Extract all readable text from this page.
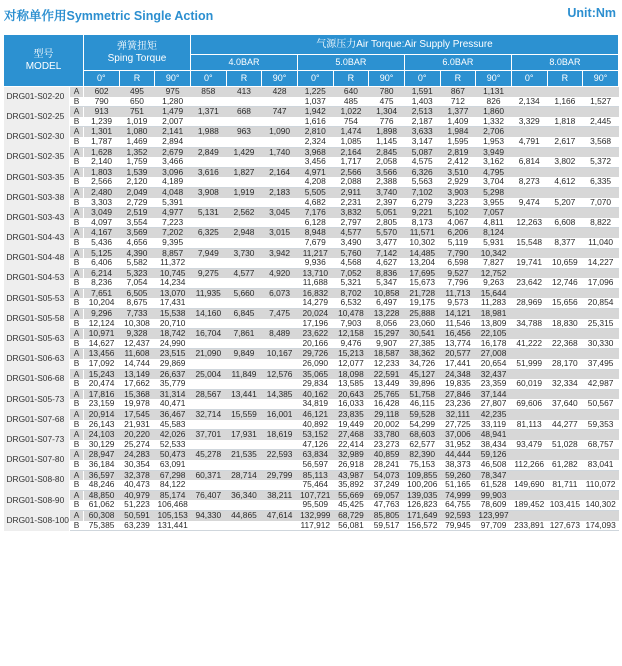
对称单作用Symmetric Single Action	Unit:Nm
型号
MODEL		弹簧扭矩
Sping Torque			气源压力Air Torque:Air Supply Pressure											
					4.0BAR			5.0BAR			6.0BAR			8.0BAR		
		0°	R	90°	0°	R	90°	0°	R	90°	0°	R	90°	0°	R	90°
DRG01-S02-20	A	602	495	975	858	413	428	1,225	640	780	1,591	867	1,131			
	B	790	650	1,280				1,037	485	475	1,403	712	826	2,134	1,166	1,527
DRG01-S02-25	A	913	751	1,479	1,371	668	747	1,942	1,022	1,304	2,513	1,377	1,860			
	B	1,239	1,019	2,007				1,616	754	776	2,187	1,409	1,332	3,329	1,818	2,445
DRG01-S02-30	A	1,301	1,080	2,141	1,988	963	1,090	2,810	1,474	1,898	3,633	1,984	2,706			
	B	1,787	1,469	2,894				2,324	1,085	1,145	3,147	1,595	1,953	4,791	2,617	3,568
DRG01-S02-35	A	1,628	1,352	2,679	2,849	1,429	1,740	3,968	2,164	2,845	5,087	2,819	3,949			
	B	2,140	1,759	3,466				3,456	1,717	2,058	4,575	2,412	3,162	6,814	3,802	5,372
DRG01-S03-35	A	1,803	1,539	3,096	3,616	1,827	2,164	4,971	2,566	3,566	6,326	3,510	4,795			
	B	2,566	2,120	4,189				4,208	2,088	2,388	5,563	2,929	3,704	8,273	4,612	6,335
DRG01-S03-38	A	2,480	2,049	4,048	3,908	1,919	2,183	5,505	2,911	3,740	7,102	3,903	5,298			
	B	3,303	2,729	5,391				4,682	2,231	2,397	6,279	3,223	3,955	9,474	5,207	7,070
DRG01-S03-43	A	3,049	2,519	4,977	5,131	2,562	3,045	7,176	3,832	5,051	9,221	5,102	7,057			
	B	4,097	3,554	7,223				6,128	2,797	2,805	8,173	4,067	4,811	12,263	6,608	8,822
DRG01-S04-43	A	4,167	3,569	7,202	6,325	2,948	3,015	8,948	4,577	5,570	11,571	6,206	8,124			
	B	5,436	4,656	9,395				7,679	3,490	3,477	10,302	5,119	5,931	15,548	8,377	11,040
DRG01-S04-48	A	5,125	4,390	8,857	7,949	3,730	3,942	11,217	5,760	7,142	14,485	7,790	10,342			
	B	6,406	5,582	11,372				9,936	4,568	4,627	13,204	6,598	7,827	19,741	10,659	14,227
DRG01-S04-53	A	6,214	5,323	10,745	9,275	4,577	4,920	13,710	7,052	8,836	17,695	9,527	12,752			
	B	8,236	7,054	14,234				11,688	5,321	5,347	15,673	7,796	9,263	23,642	12,746	17,096
DRG01-S05-53	A	7,651	6,505	13,070	11,935	5,660	6,073	16,832	8,702	10,858	21,728	11,713	15,644			
	B	10,204	8,675	17,431				14,279	6,532	6,497	19,175	9,573	11,283	28,969	15,656	20,854
DRG01-S05-58	A	9,296	7,733	15,538	14,160	6,845	7,475	20,024	10,478	13,228	25,888	14,121	18,981			
	B	12,124	10,308	20,710				17,196	7,903	8,056	23,060	11,546	13,809	34,788	18,830	25,315
DRG01-S05-63	A	10,971	9,328	18,742	16,704	7,861	8,489	23,622	12,158	15,297	30,541	16,456	22,105			
	B	14,627	12,437	24,990				20,166	9,476	9,907	27,385	13,774	16,178	41,222	22,368	30,330
DRG01-S06-63	A	13,456	11,608	23,515	21,090	9,849	10,167	29,726	15,213	18,587	38,362	20,577	27,008			
	B	17,092	14,744	29,869				26,090	12,077	12,233	34,726	17,441	20,654	51,999	28,170	37,495
DRG01-S06-68	A	15,243	13,149	26,637	25,004	11,849	12,576	35,065	18,098	22,591	45,127	24,348	32,437			
	B	20,474	17,662	35,779				29,834	13,585	13,449	39,896	19,835	23,359	60,019	32,334	42,987
DRG01-S05-73	A	17,816	15,368	31,314	28,567	13,441	14,385	40,162	20,643	25,765	51,758	27,846	37,144			
	B	23,159	19,978	40,471				34,819	16,033	16,428	46,115	23,236	27,807	69,606	37,640	50,567
DRG01-S07-68	A	20,914	17,545	36,467	32,714	15,559	16,001	46,121	23,835	29,118	59,528	32,111	42,235			
	B	26,143	21,931	45,583				40,892	19,449	20,002	54,299	27,725	33,119	81,113	44,277	59,353
DRG01-S07-73	A	24,103	20,220	42,026	37,701	17,931	18,619	53,152	27,468	33,780	68,603	37,006	48,941			
	B	30,129	25,274	52,533				47,126	22,414	23,273	62,577	31,952	38,434	93,479	51,028	68,757
DRG01-S07-80	A	28,947	24,283	50,473	45,278	21,535	22,593	63,834	32,989	40,859	82,390	44,444	59,126			
	B	36,184	30,354	63,091				56,597	26,918	28,241	75,153	38,373	46,508	112,266	61,282	83,041
DRG01-S08-80	A	36,597	32,378	67,298	60,371	28,714	29,799	85,113	43,987	54,073	109,855	59,260	78,347			
	B	48,246	40,473	84,122				75,464	35,892	37,249	100,206	51,165	61,528	149,690	81,711	110,072
DRG01-S08-90	A	48,850	40,979	85,174	76,407	36,340	38,211	107,721	55,669	69,057	139,035	74,999	99,903			
	B	61,062	51,223	106,468				95,509	45,425	47,763	126,823	64,755	78,609	189,452	103,415	140,302
DRG01-S08-100	A	60,308	50,591	105,153	94,330	44,865	47,614	132,999	68,729	85,805	171,649	92,593	123,997			
	B	75,385	63,239	131,441				117,912	56,081	59,517	156,572	79,945	97,709	233,891	127,673	174,093
